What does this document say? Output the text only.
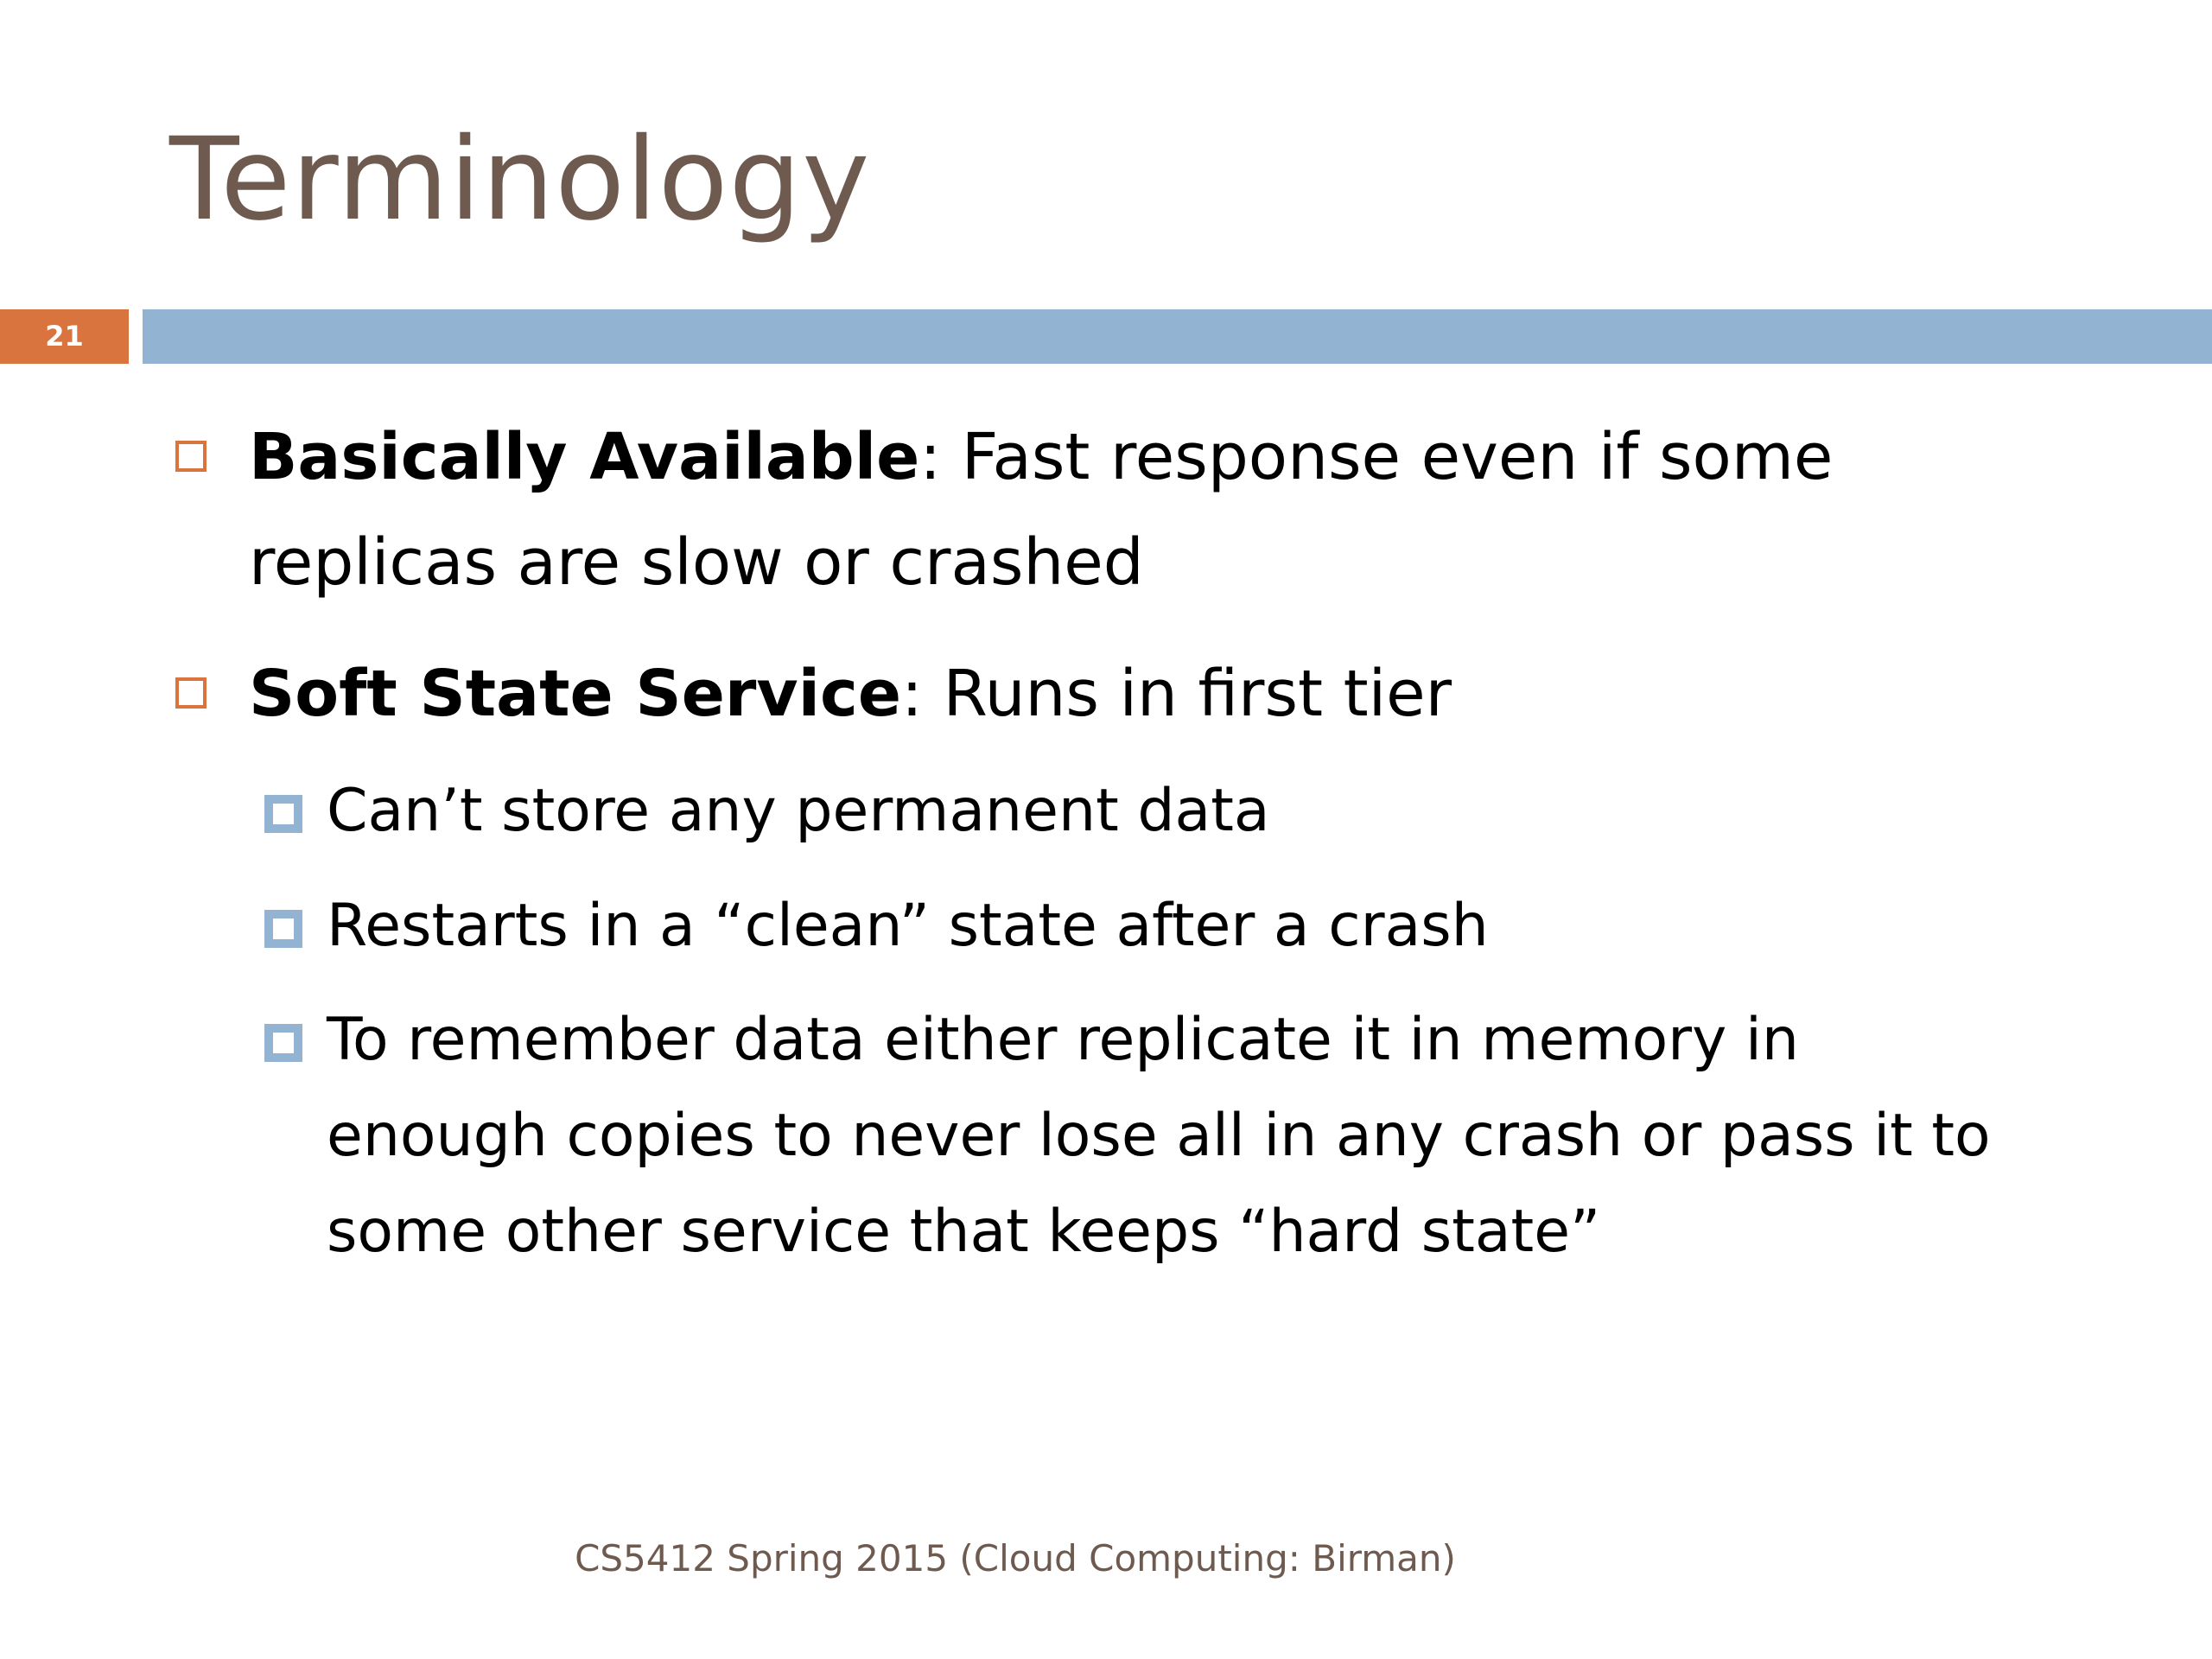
Terminology
21
Basically Available: Fast response even if some
replicas are slow or crashed
Soft State Service: Runs in first tier
Can’t store any permanent data
Restarts in a “clean” state after a crash
To remember data either replicate it in memory in
enough copies to never lose all in any crash or pass it to
some other service that keeps “hard state”
CS5412 Spring 2015 (Cloud Computing: Birman)
